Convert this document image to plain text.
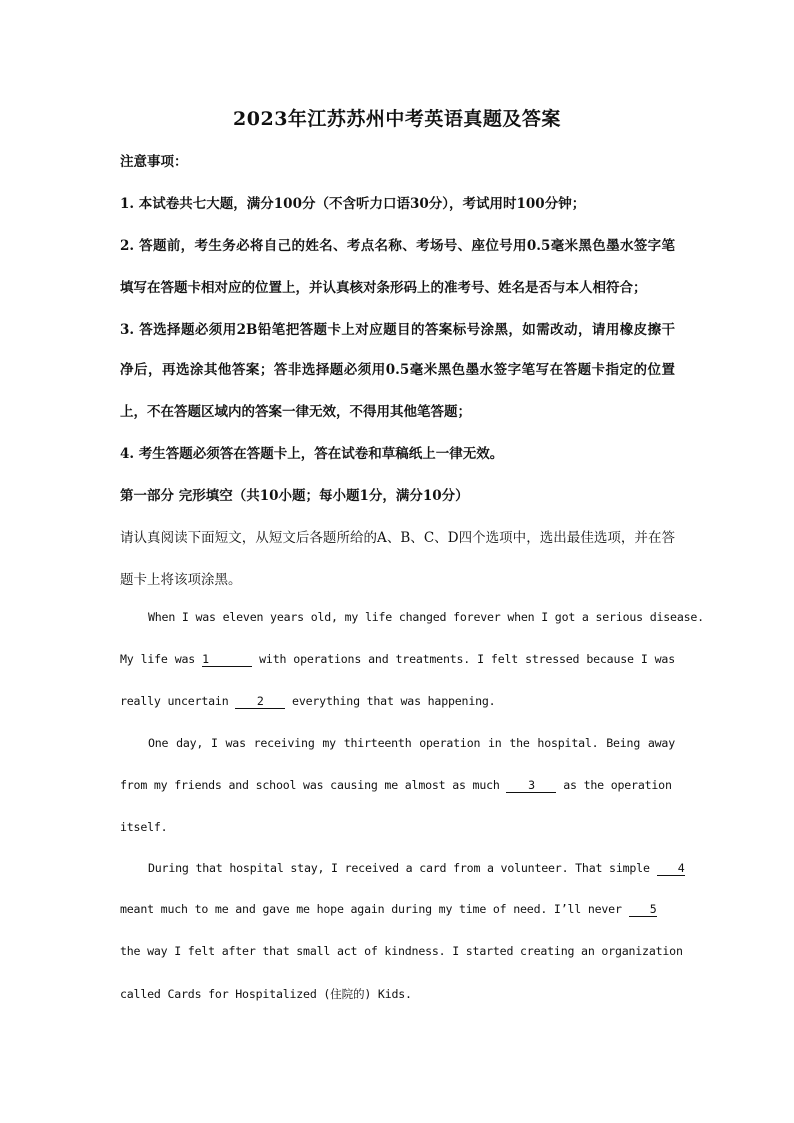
2023年江苏苏州中考英语真题及答案
注意事项：
1. 本试卷共七大题，满分100分（不含听力口语30分），考试用时100分钟；
2. 答题前，考生务必将自己的姓名、考点名称、考场号、座位号用0.5毫米黑色墨水签字笔
填写在答题卡相对应的位置上，并认真核对条形码上的准考号、姓名是否与本人相符合；
3. 答选择题必须用2B铅笔把答题卡上对应题目的答案标号涂黑，如需改动，请用橡皮擦干
净后，再选涂其他答案；答非选择题必须用0.5毫米黑色墨水签字笔写在答题卡指定的位置
上，不在答题区域内的答案一律无效，不得用其他笔答题；
4. 考生答题必须答在答题卡上，答在试卷和草稿纸上一律无效。
第一部分 完形填空（共10小题；每小题1分，满分10分）
请认真阅读下面短文，从短文后各题所给的A、B、C、D四个选项中，选出最佳选项，并在答
题卡上将该项涂黑。
When I was eleven years old, my life changed forever when I got a serious disease.
My life was 1	with operations and treatments. I felt stressed because I was
really uncertain 2 everything that was happening.
One day, I was receiving my thirteenth operation in the hospital. Being away
from my friends and school was causing me almost as much 3 as the operation
itself.
During that hospital stay, I received a card from a volunteer. That simple 4
meant much to me and gave me hope again during my time of need. I’ll never 5
the way I felt after that small act of kindness. I started creating an organization
called Cards for Hospitalized (住院的) Kids.
